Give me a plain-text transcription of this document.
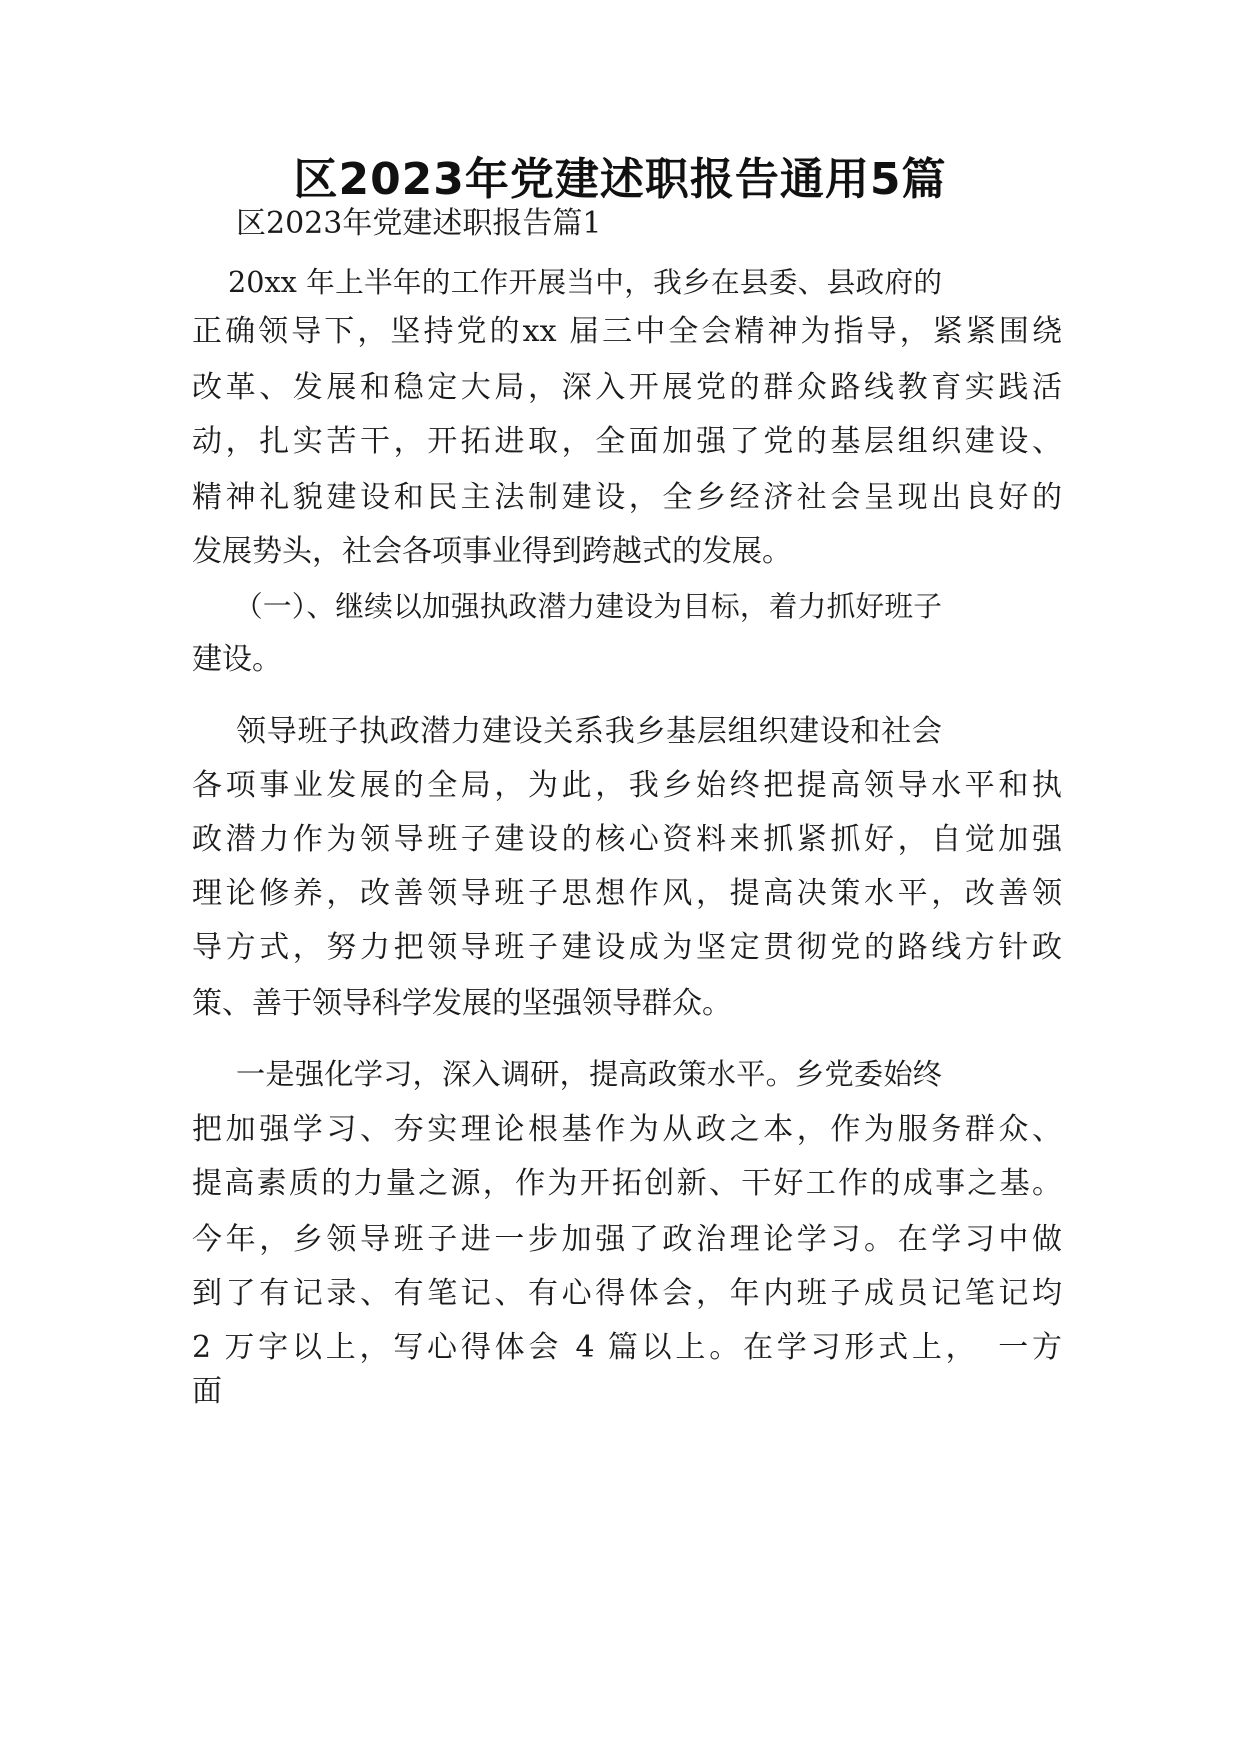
区2023年党建述职报告通用5篇

区2023年党建述职报告篇1

20xx 年上半年的工作开展当中，我乡在县委、县政府的

正确领导下，坚持党的xx 届三中全会精神为指导，紧紧围绕

改革、发展和稳定大局，深入开展党的群众路线教育实践活

动，扎实苦干，开拓进取，全面加强了党的基层组织建设、

精神礼貌建设和民主法制建设，全乡经济社会呈现出良好的

发展势头，社会各项事业得到跨越式的发展。

（一）、继续以加强执政潜力建设为目标，着力抓好班子

建设。

领导班子执政潜力建设关系我乡基层组织建设和社会

各项事业发展的全局，为此，我乡始终把提高领导水平和执

政潜力作为领导班子建设的核心资料来抓紧抓好，自觉加强

理论修养，改善领导班子思想作风，提高决策水平，改善领

导方式，努力把领导班子建设成为坚定贯彻党的路线方针政

策、善于领导科学发展的坚强领导群众。

一是强化学习，深入调研，提高政策水平。乡党委始终

把加强学习、夯实理论根基作为从政之本，作为服务群众、

提高素质的力量之源，作为开拓创新、干好工作的成事之基。

今年，乡领导班子进一步加强了政治理论学习。在学习中做

到了有记录、有笔记、有心得体会，年内班子成员记笔记均

2 万字以上，写心得体会 4 篇以上。在学习形式上，　一方

面
